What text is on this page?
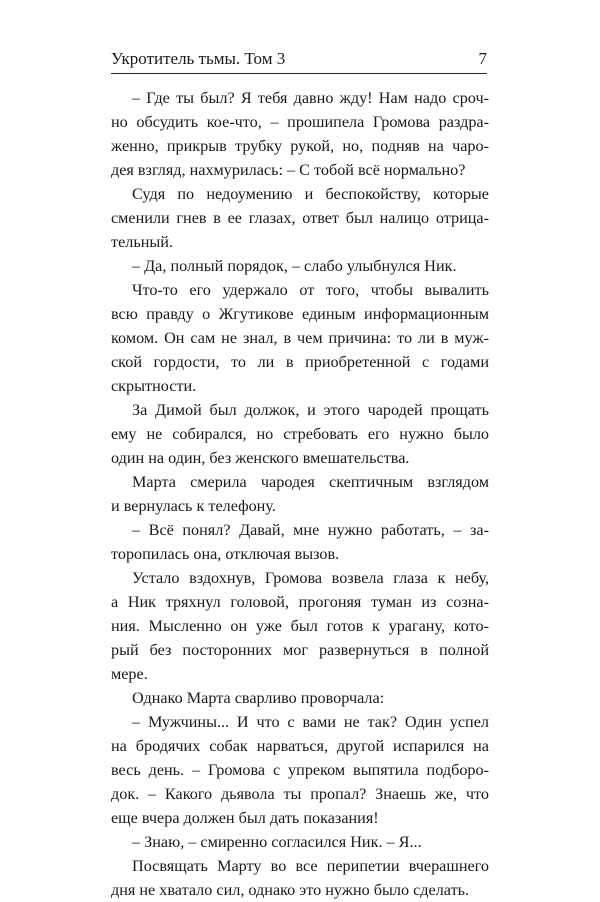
Укротитель тьмы. Том 3	7
– Где ты был? Я тебя давно жду! Нам надо сроч-
но обсудить кое-что, – прошипела Громова раздра-
женно, прикрыв трубку рукой, но, подняв на чаро-
дея взгляд, нахмурилась: – С тобой всё нормально?
Судя по недоумению и беспокойству, которые
сменили гнев в ее глазах, ответ был налицо отрица-
тельный.
– Да, полный порядок, – слабо улыбнулся Ник.
Что-то его удержало от того, чтобы вывалить
всю правду о Жгутикове единым информационным
комом. Он сам не знал, в чем причина: то ли в муж-
ской гордости, то ли в приобретенной с годами
скрытности.
За Димой был должок, и этого чародей прощать
ему не собирался, но стребовать его нужно было
один на один, без женского вмешательства.
Марта смерила чародея скептичным взглядом
и вернулась к телефону.
– Всё понял? Давай, мне нужно работать, – за-
торопилась она, отключая вызов.
Устало вздохнув, Громова возвела глаза к небу,
а Ник тряхнул головой, прогоняя туман из созна-
ния. Мысленно он уже был готов к урагану, кото-
рый без посторонних мог развернуться в полной
мере.
Однако Марта сварливо проворчала:
– Мужчины... И что с вами не так? Один успел
на бродячих собак нарваться, другой испарился на
весь день. – Громова с упреком выпятила подборо-
док. – Какого дьявола ты пропал? Знаешь же, что
еще вчера должен был дать показания!
– Знаю, – смиренно согласился Ник. – Я...
Посвящать Марту во все перипетии вчерашнего
дня не хватало сил, однако это нужно было сделать.
